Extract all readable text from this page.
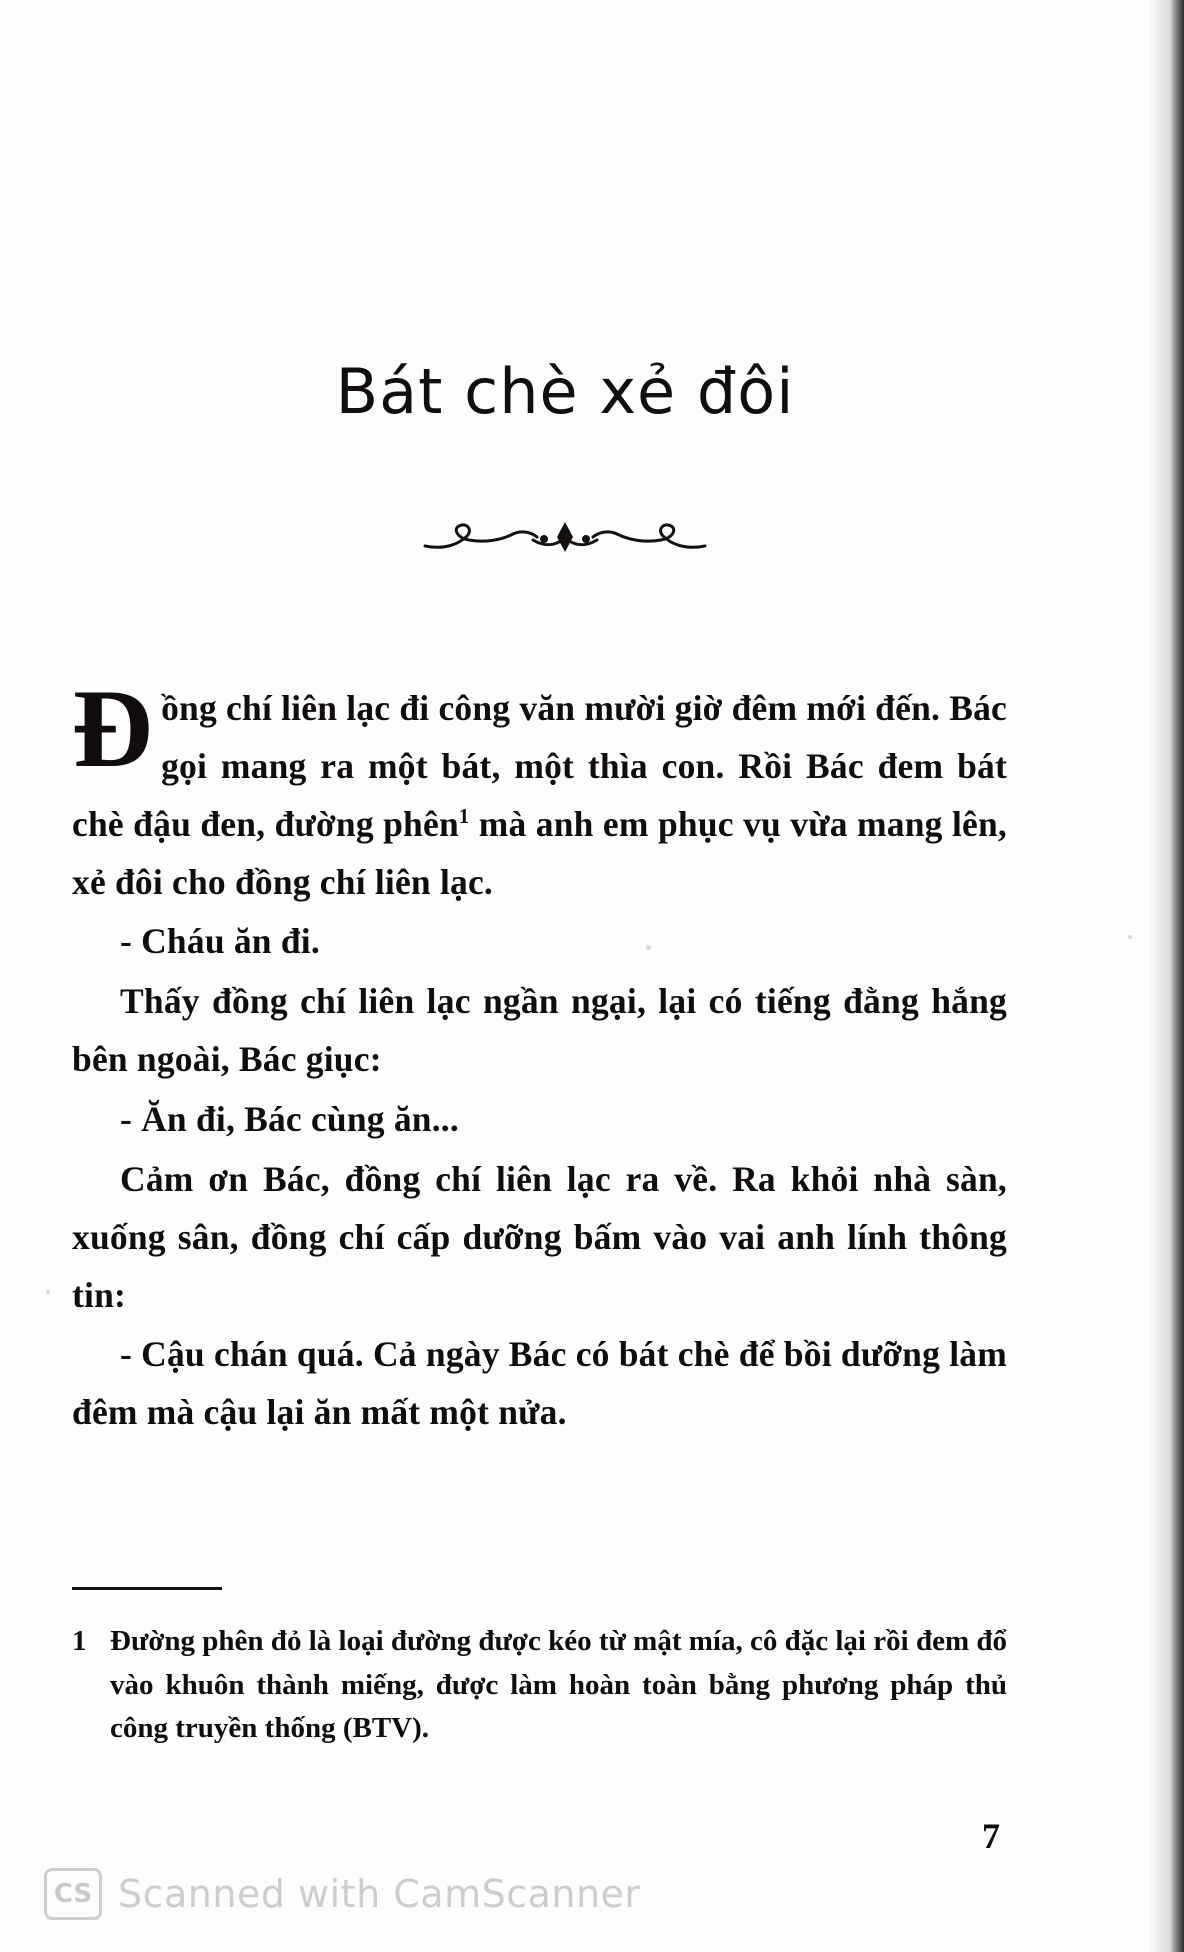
Bát chè xẻ đôi

Đồng chí liên lạc đi công văn mười giờ đêm mới đến. Bác gọi mang ra một bát, một thìa con. Rồi Bác đem bát chè đậu đen, đường phên$^1$ mà anh em phục vụ vừa mang lên, xẻ đôi cho đồng chí liên lạc.

- Cháu ăn đi.

Thấy đồng chí liên lạc ngần ngại, lại có tiếng đằng hắng bên ngoài, Bác giục:

- Ăn đi, Bác cùng ăn...

Cảm ơn Bác, đồng chí liên lạc ra về. Ra khỏi nhà sàn, xuống sân, đồng chí cấp dưỡng bấm vào vai anh lính thông tin:

- Cậu chán quá. Cả ngày Bác có bát chè để bồi dưỡng làm đêm mà cậu lại ăn mất một nửa.

1 Đường phên đỏ là loại đường được kéo từ mật mía, cô đặc lại rồi đem đổ vào khuôn thành miếng, được làm hoàn toàn bằng phương pháp thủ công truyền thống (BTV).
7
CS Scanned with CamScanner
